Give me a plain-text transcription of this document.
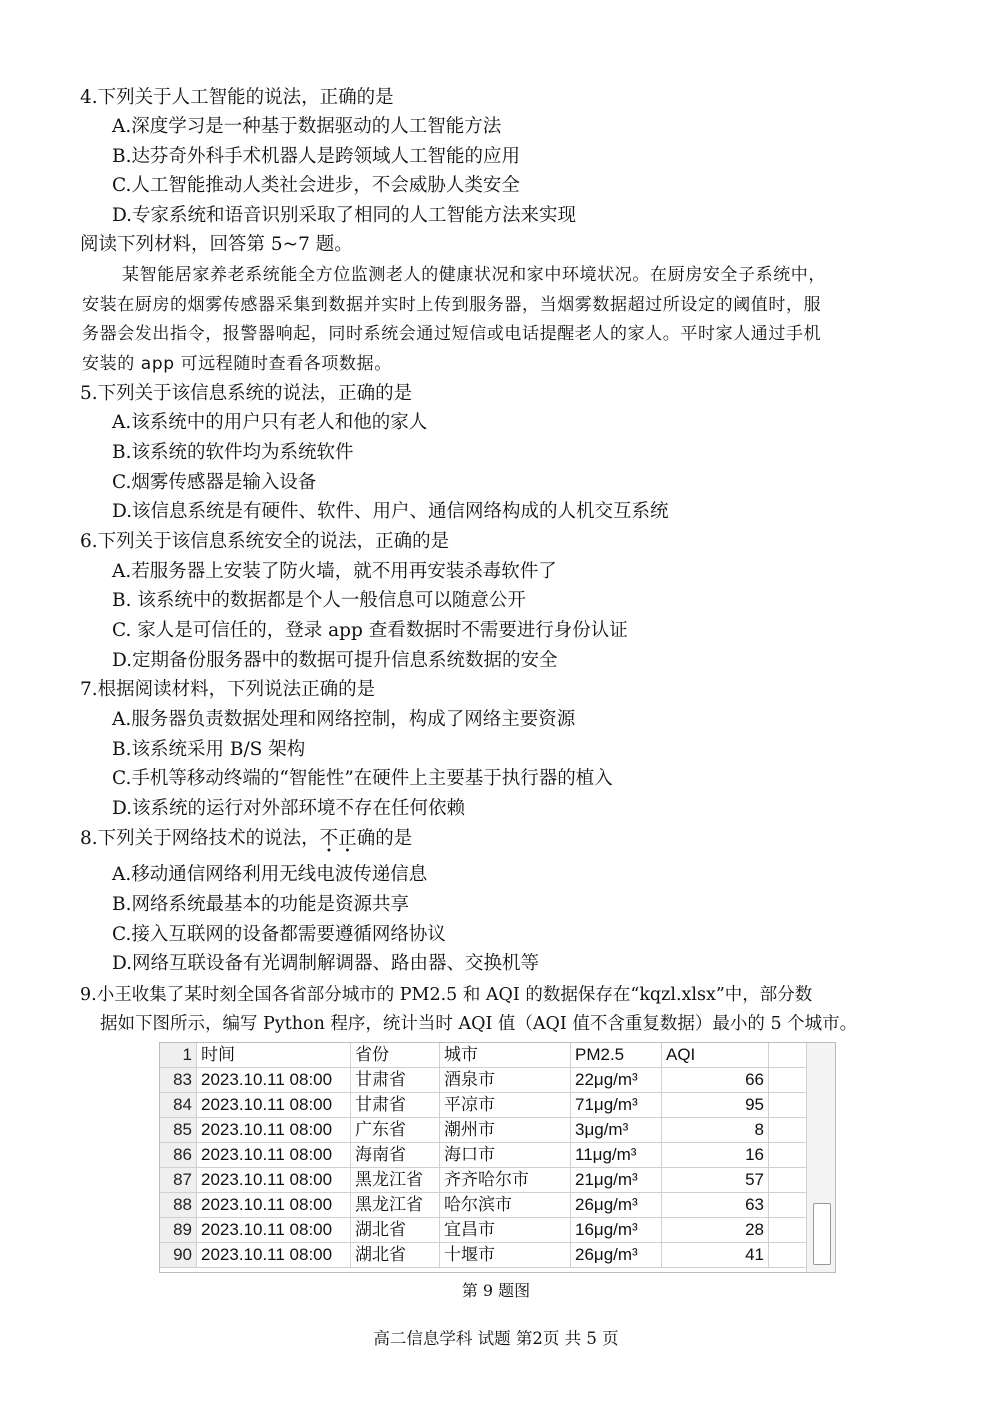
4.下列关于人工智能的说法，正确的是
A.深度学习是一种基于数据驱动的人工智能方法
B.达芬奇外科手术机器人是跨领域人工智能的应用
C.人工智能推动人类社会进步，不会威胁人类安全
D.专家系统和语音识别采取了相同的人工智能方法来实现
阅读下列材料，回答第 5~7 题。
某智能居家养老系统能全方位监测老人的健康状况和家中环境状况。在厨房安全子系统中，
安装在厨房的烟雾传感器采集到数据并实时上传到服务器，当烟雾数据超过所设定的阈值时，服
务器会发出指令，报警器响起，同时系统会通过短信或电话提醒老人的家人。平时家人通过手机
安装的 app 可远程随时查看各项数据。
5.下列关于该信息系统的说法，正确的是
A.该系统中的用户只有老人和他的家人
B.该系统的软件均为系统软件
C.烟雾传感器是输入设备
D.该信息系统是有硬件、软件、用户、通信网络构成的人机交互系统
6.下列关于该信息系统安全的说法，正确的是
A.若服务器上安装了防火墙，就不用再安装杀毒软件了
B. 该系统中的数据都是个人一般信息可以随意公开
C. 家人是可信任的，登录 app 查看数据时不需要进行身份认证
D.定期备份服务器中的数据可提升信息系统数据的安全
7.根据阅读材料，下列说法正确的是
A.服务器负责数据处理和网络控制，构成了网络主要资源
B.该系统采用 B/S 架构
C.手机等移动终端的“智能性”在硬件上主要基于执行器的植入
D.该系统的运行对外部环境不存在任何依赖
8.下列关于网络技术的说法，不正确的是
A.移动通信网络利用无线电波传递信息
B.网络系统最基本的功能是资源共享
C.接入互联网的设备都需要遵循网络协议
D.网络互联设备有光调制解调器、路由器、交换机等
9.小王收集了某时刻全国各省部分城市的 PM2.5 和 AQI 的数据保存在“kqzl.xlsx”中，部分数
据如下图所示，编写 Python 程序，统计当时 AQI 值（AQI 值不含重复数据）最小的 5 个城市。
1	时间	省份	城市	PM2.5	AQI	
83	2023.10.11 08:00	甘肃省	酒泉市	22μg/m³	66	
84	2023.10.11 08:00	甘肃省	平凉市	71μg/m³	95	
85	2023.10.11 08:00	广东省	潮州市	3μg/m³	8	
86	2023.10.11 08:00	海南省	海口市	11μg/m³	16	
87	2023.10.11 08:00	黑龙江省	齐齐哈尔市	21μg/m³	57	
88	2023.10.11 08:00	黑龙江省	哈尔滨市	26μg/m³	63	
89	2023.10.11 08:00	湖北省	宜昌市	16μg/m³	28	
90	2023.10.11 08:00	湖北省	十堰市	26μg/m³	41	
第 9 题图
高二信息学科 试题 第2页 共 5 页
